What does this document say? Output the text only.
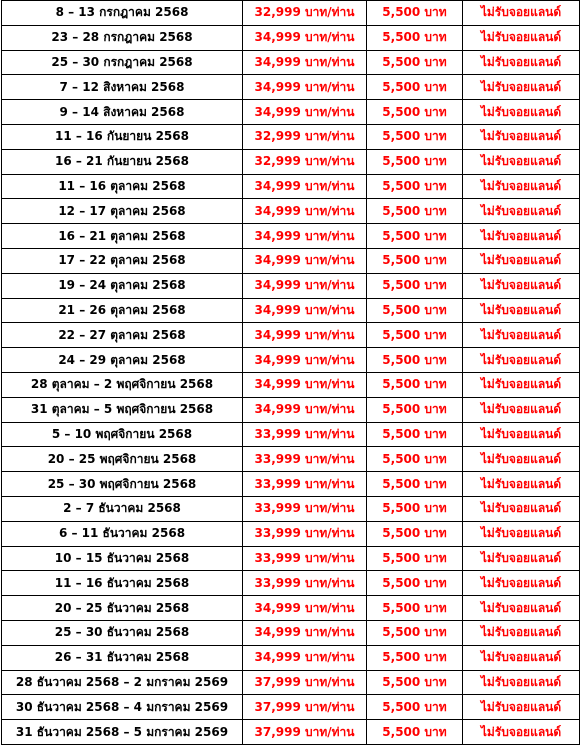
8 – 13 กรกฎาคม 2568	32,999 บาท/ท่าน	5,500 บาท	ไม่รับจอยแลนด์
23 – 28 กรกฎาคม 2568	34,999 บาท/ท่าน	5,500 บาท	ไม่รับจอยแลนด์
25 – 30 กรกฎาคม 2568	34,999 บาท/ท่าน	5,500 บาท	ไม่รับจอยแลนด์
7 – 12 สิงหาคม 2568	34,999 บาท/ท่าน	5,500 บาท	ไม่รับจอยแลนด์
9 – 14 สิงหาคม 2568	34,999 บาท/ท่าน	5,500 บาท	ไม่รับจอยแลนด์
11 – 16 กันยายน 2568	32,999 บาท/ท่าน	5,500 บาท	ไม่รับจอยแลนด์
16 – 21 กันยายน 2568	32,999 บาท/ท่าน	5,500 บาท	ไม่รับจอยแลนด์
11 – 16 ตุลาคม 2568	34,999 บาท/ท่าน	5,500 บาท	ไม่รับจอยแลนด์
12 – 17 ตุลาคม 2568	34,999 บาท/ท่าน	5,500 บาท	ไม่รับจอยแลนด์
16 – 21 ตุลาคม 2568	34,999 บาท/ท่าน	5,500 บาท	ไม่รับจอยแลนด์
17 – 22 ตุลาคม 2568	34,999 บาท/ท่าน	5,500 บาท	ไม่รับจอยแลนด์
19 – 24 ตุลาคม 2568	34,999 บาท/ท่าน	5,500 บาท	ไม่รับจอยแลนด์
21 – 26 ตุลาคม 2568	34,999 บาท/ท่าน	5,500 บาท	ไม่รับจอยแลนด์
22 – 27 ตุลาคม 2568	34,999 บาท/ท่าน	5,500 บาท	ไม่รับจอยแลนด์
24 – 29 ตุลาคม 2568	34,999 บาท/ท่าน	5,500 บาท	ไม่รับจอยแลนด์
28 ตุลาคม – 2 พฤศจิกายน 2568	34,999 บาท/ท่าน	5,500 บาท	ไม่รับจอยแลนด์
31 ตุลาคม – 5 พฤศจิกายน 2568	34,999 บาท/ท่าน	5,500 บาท	ไม่รับจอยแลนด์
5 – 10 พฤศจิกายน 2568	33,999 บาท/ท่าน	5,500 บาท	ไม่รับจอยแลนด์
20 – 25 พฤศจิกายน 2568	33,999 บาท/ท่าน	5,500 บาท	ไม่รับจอยแลนด์
25 – 30 พฤศจิกายน 2568	33,999 บาท/ท่าน	5,500 บาท	ไม่รับจอยแลนด์
2 – 7 ธันวาคม 2568	33,999 บาท/ท่าน	5,500 บาท	ไม่รับจอยแลนด์
6 – 11 ธันวาคม 2568	33,999 บาท/ท่าน	5,500 บาท	ไม่รับจอยแลนด์
10 – 15 ธันวาคม 2568	33,999 บาท/ท่าน	5,500 บาท	ไม่รับจอยแลนด์
11 – 16 ธันวาคม 2568	33,999 บาท/ท่าน	5,500 บาท	ไม่รับจอยแลนด์
20 – 25 ธันวาคม 2568	34,999 บาท/ท่าน	5,500 บาท	ไม่รับจอยแลนด์
25 – 30 ธันวาคม 2568	34,999 บาท/ท่าน	5,500 บาท	ไม่รับจอยแลนด์
26 – 31 ธันวาคม 2568	34,999 บาท/ท่าน	5,500 บาท	ไม่รับจอยแลนด์
28 ธันวาคม 2568 – 2 มกราคม 2569	37,999 บาท/ท่าน	5,500 บาท	ไม่รับจอยแลนด์
30 ธันวาคม 2568 – 4 มกราคม 2569	37,999 บาท/ท่าน	5,500 บาท	ไม่รับจอยแลนด์
31 ธันวาคม 2568 – 5 มกราคม 2569	37,999 บาท/ท่าน	5,500 บาท	ไม่รับจอยแลนด์
